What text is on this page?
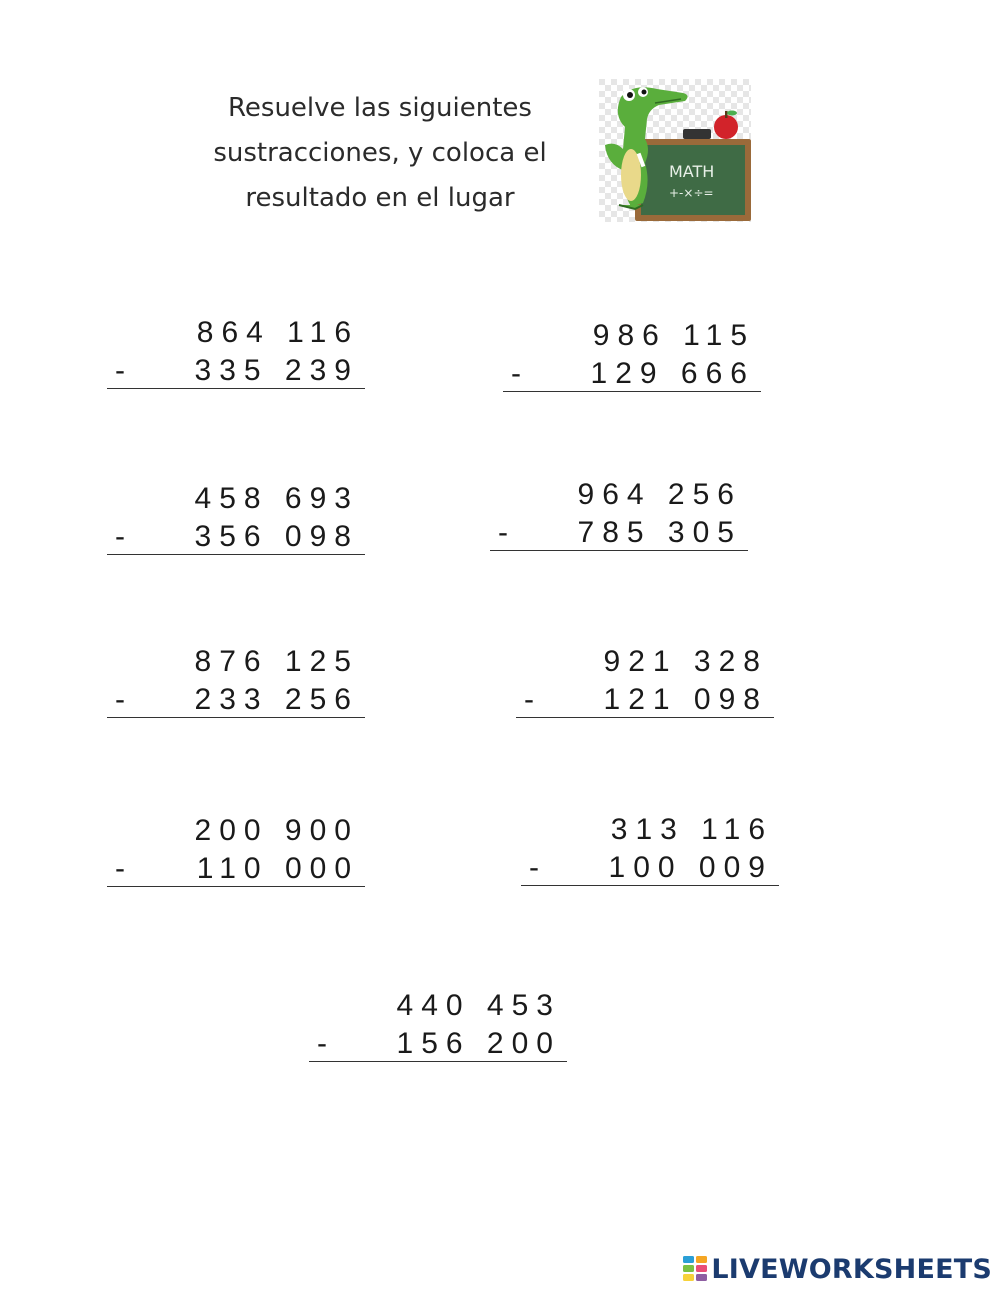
Resuelve las siguientes
sustracciones, y coloca el
resultado en el lugar
MATH
+-×÷=
864 116
- 335 239
986 115
- 129 666
458 693
- 356 098
964 256
- 785 305
876 125
- 233 256
921 328
- 121 098
200 900
- 110 000
313 116
- 100 009
440 453
- 156 200
LIVEWORKSHEETS
